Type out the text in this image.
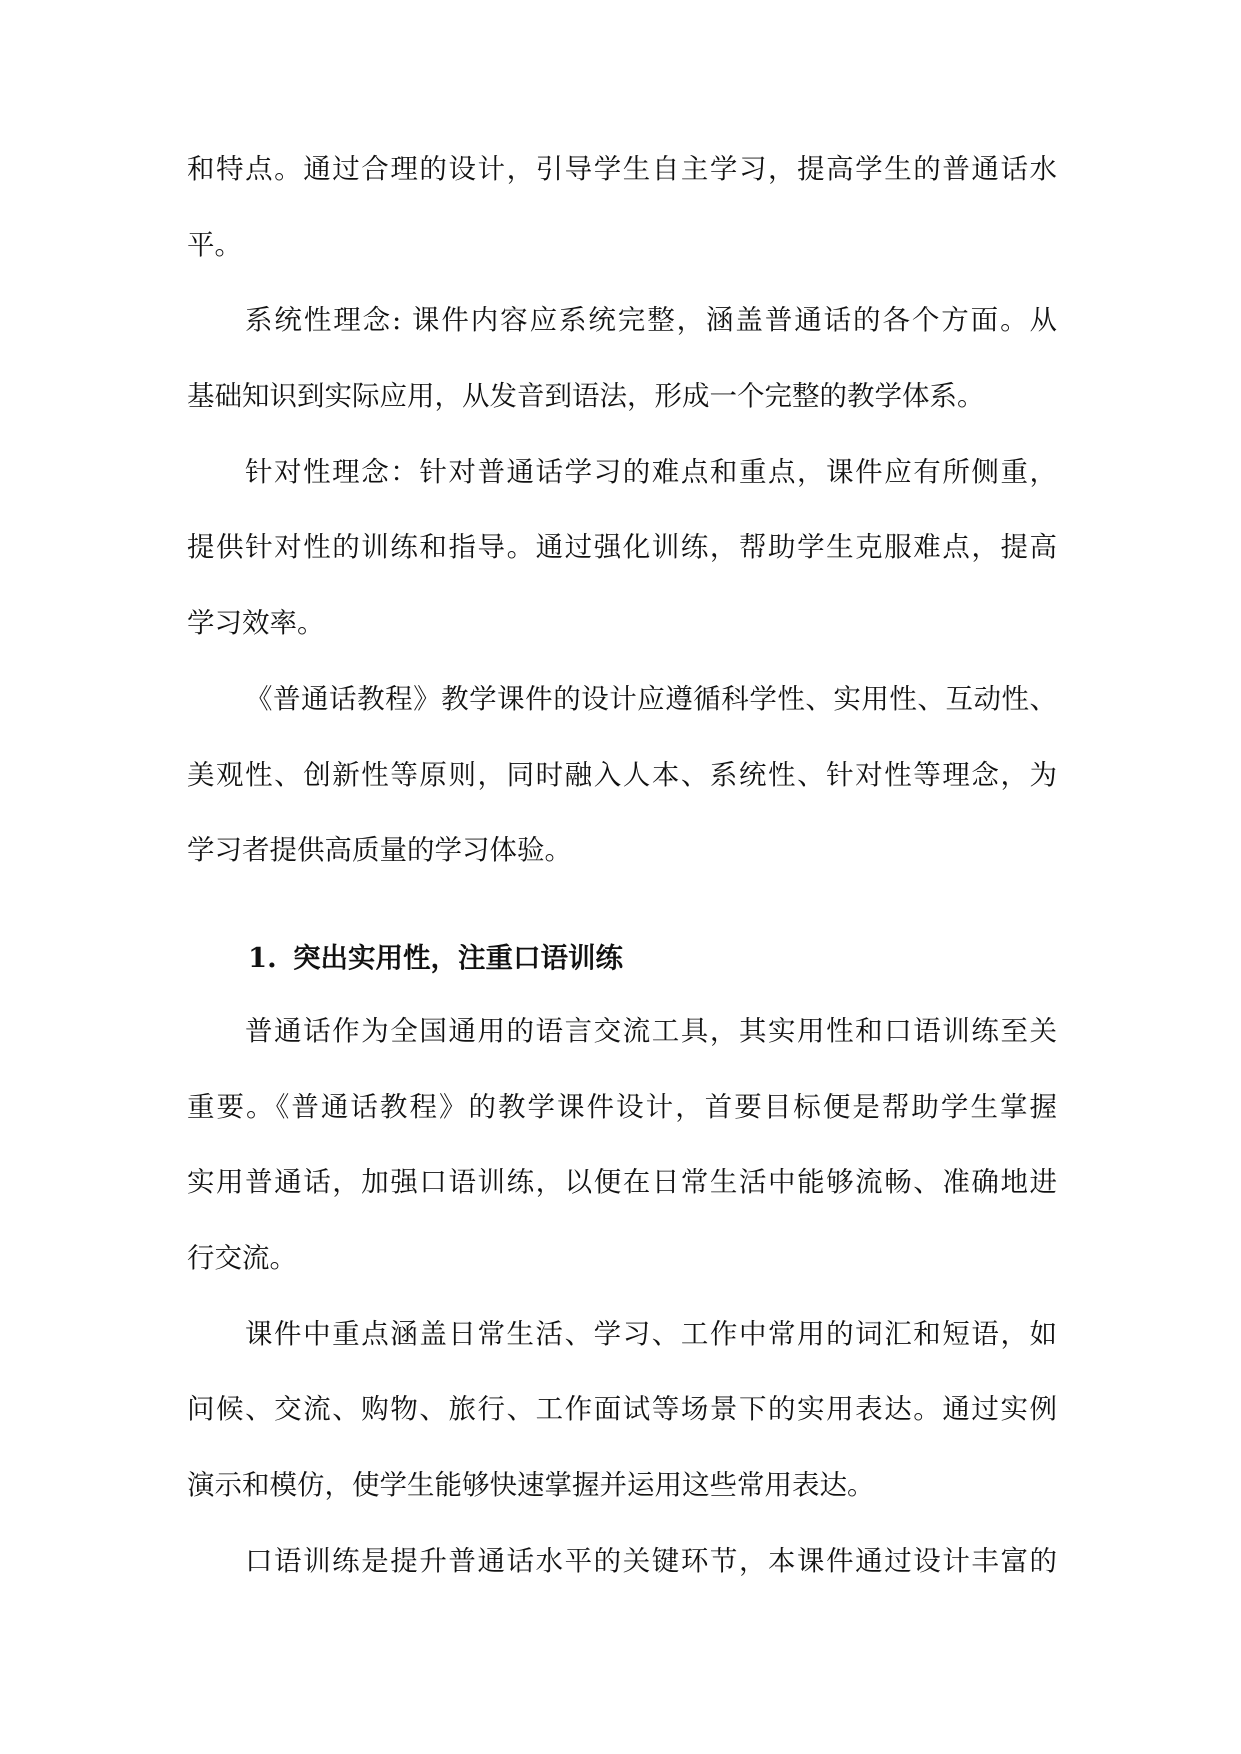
和特点。通过合理的设计，引导学生自主学习，提高学生的普通话水
平。
系统性理念: 课件内容应系统完整，涵盖普通话的各个方面。从
基础知识到实际应用，从发音到语法，形成一个完整的教学体系。
针对性理念：针对普通话学习的难点和重点，课件应有所侧重，
提供针对性的训练和指导。通过强化训练，帮助学生克服难点，提高
学习效率。
《普通话教程》教学课件的设计应遵循科学性、实用性、互动性、
美观性、创新性等原则，同时融入人本、系统性、针对性等理念，为
学习者提供高质量的学习体验。
1. 突出实用性，注重口语训练
普通话作为全国通用的语言交流工具，其实用性和口语训练至关
重要。《普通话教程》的教学课件设计，首要目标便是帮助学生掌握
实用普通话，加强口语训练，以便在日常生活中能够流畅、准确地进
行交流。
课件中重点涵盖日常生活、学习、工作中常用的词汇和短语，如
问候、交流、购物、旅行、工作面试等场景下的实用表达。通过实例
演示和模仿，使学生能够快速掌握并运用这些常用表达。
口语训练是提升普通话水平的关键环节，本课件通过设计丰富的
